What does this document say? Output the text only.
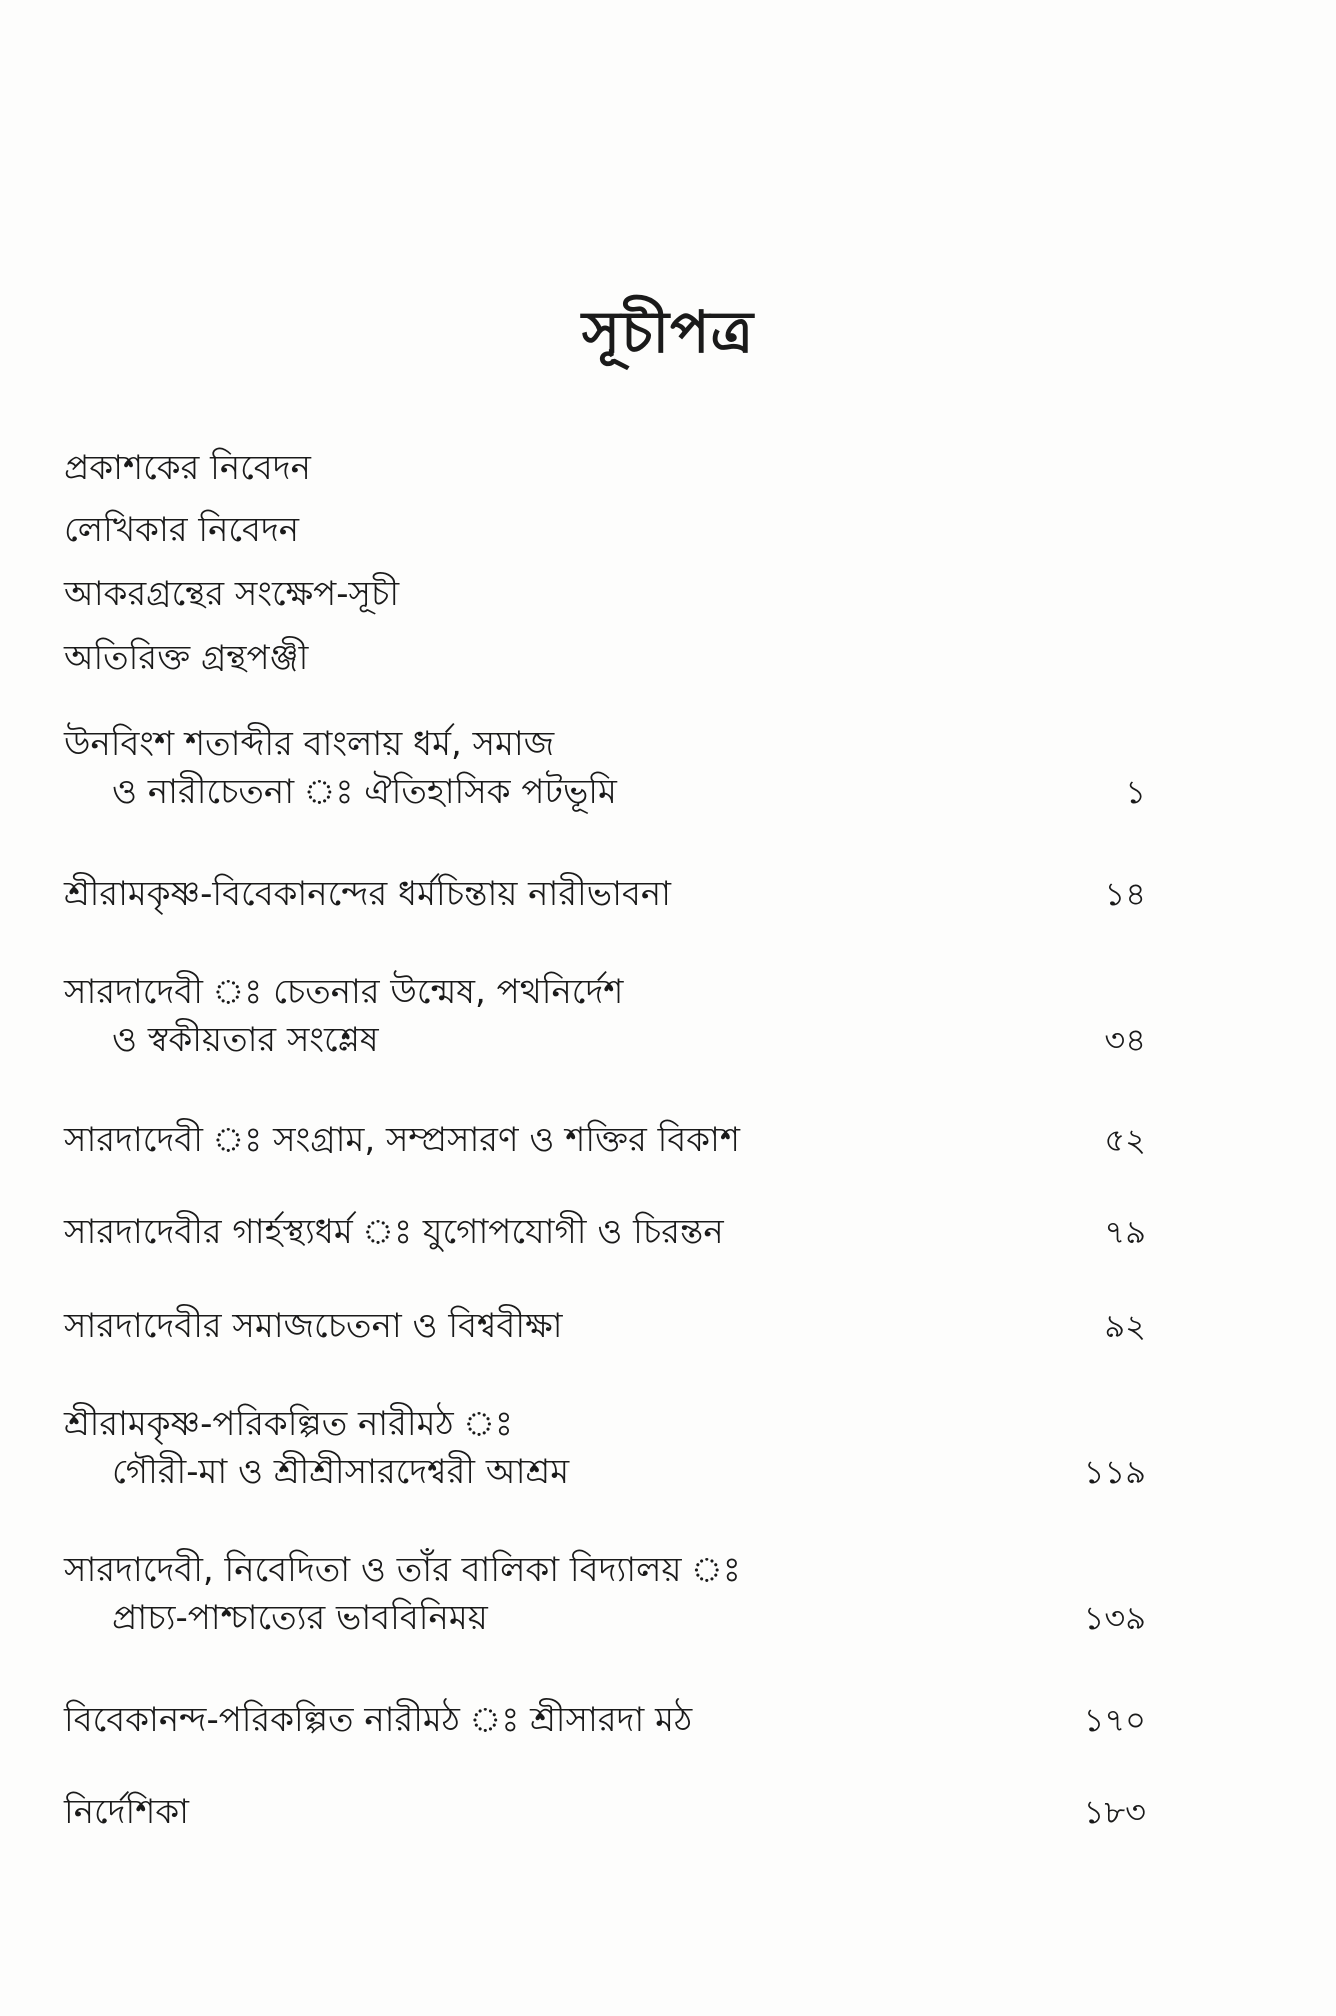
সূচীপত্র
প্রকাশকের নিবেদন
লেখিকার নিবেদন
আকরগ্রন্থের সংক্ষেপ-সূচী
অতিরিক্ত গ্রন্থপঞ্জী
উনবিংশ শতাব্দীর বাংলায় ধর্ম, সমাজ
ও নারীচেতনা ঃ ঐতিহাসিক পটভূমি	১
শ্রীরামকৃষ্ণ-বিবেকানন্দের ধর্মচিন্তায় নারীভাবনা	১৪
সারদাদেবী ঃ চেতনার উন্মেষ, পথনির্দেশ
ও স্বকীয়তার সংশ্লেষ	৩৪
সারদাদেবী ঃ সংগ্রাম, সম্প্রসারণ ও শক্তির বিকাশ	৫২
সারদাদেবীর গার্হস্থ্যধর্ম ঃ যুগোপযোগী ও চিরন্তন	৭৯
সারদাদেবীর সমাজচেতনা ও বিশ্ববীক্ষা	৯২
শ্রীরামকৃষ্ণ-পরিকল্পিত নারীমঠ ঃ
গৌরী-মা ও শ্রীশ্রীসারদেশ্বরী আশ্রম	১১৯
সারদাদেবী, নিবেদিতা ও তাঁর বালিকা বিদ্যালয় ঃ
প্রাচ্য-পাশ্চাত্যের ভাববিনিময়	১৩৯
বিবেকানন্দ-পরিকল্পিত নারীমঠ ঃ শ্রীসারদা মঠ	১৭০
নির্দেশিকা	১৮৩
